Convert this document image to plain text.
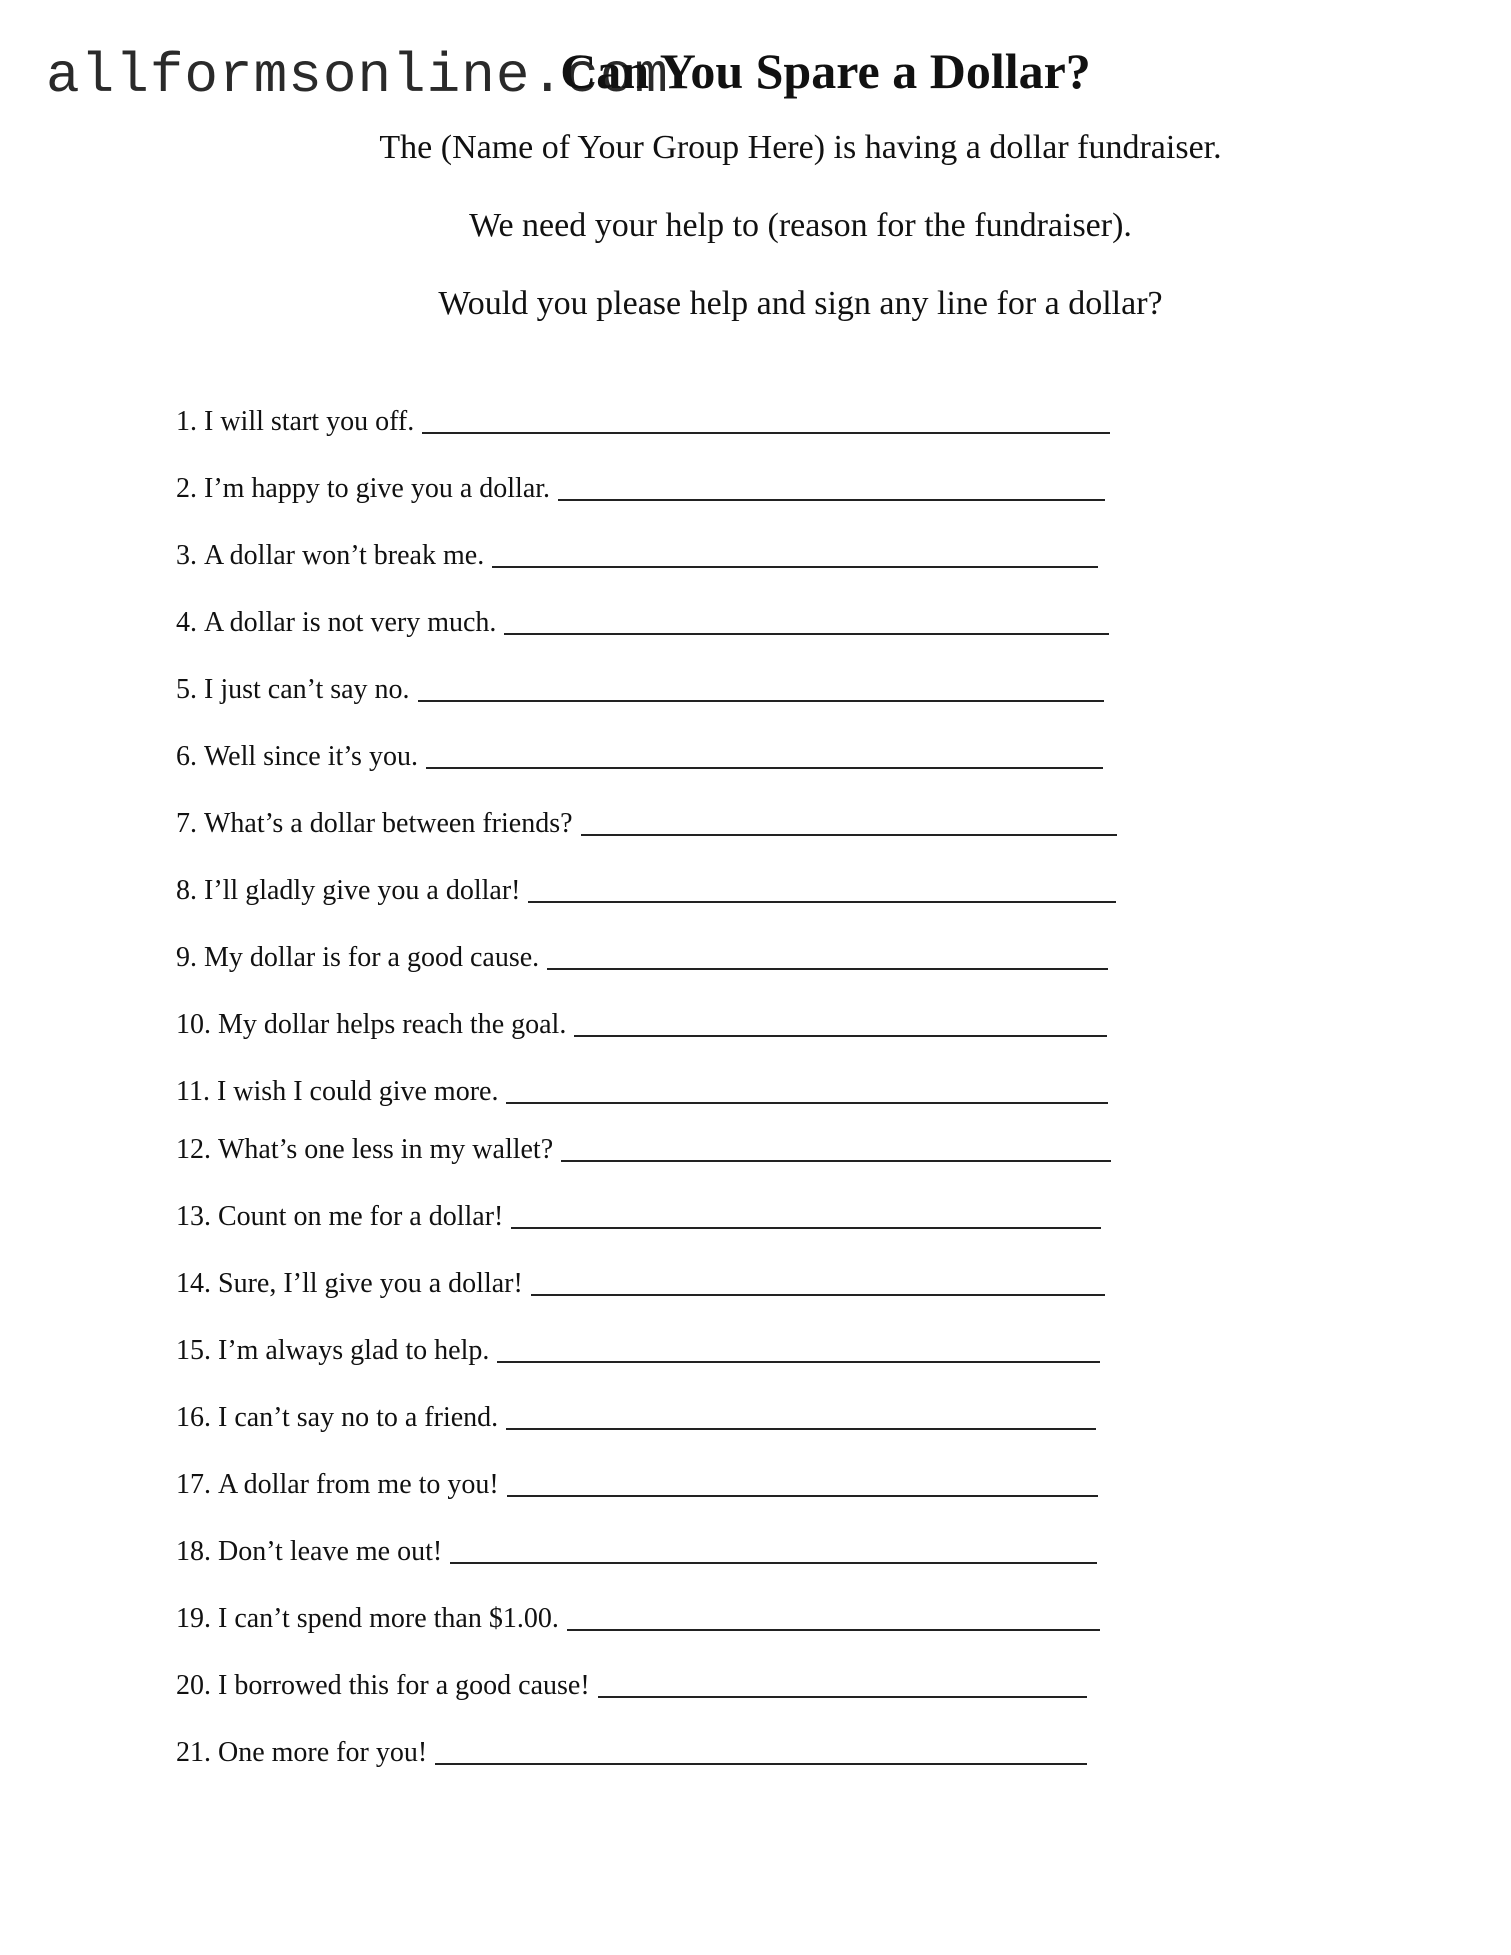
allformsonline.com
Can You Spare a Dollar?

The (Name of Your Group Here) is having a dollar fundraiser.

We need your help to (reason for the fundraiser).

Would you please help and sign any line for a dollar?

1. I will start you off.
2. I’m happy to give you a dollar.
3. A dollar won’t break me.
4. A dollar is not very much.
5. I just can’t say no.
6. Well since it’s you.
7. What’s a dollar between friends?
8. I’ll gladly give you a dollar!
9. My dollar is for a good cause.
10. My dollar helps reach the goal.
11. I wish I could give more.
12. What’s one less in my wallet?
13. Count on me for a dollar!
14. Sure, I’ll give you a dollar!
15. I’m always glad to help.
16. I can’t say no to a friend.
17. A dollar from me to you!
18. Don’t leave me out!
19. I can’t spend more than $1.00.
20. I borrowed this for a good cause!
21. One more for you!
